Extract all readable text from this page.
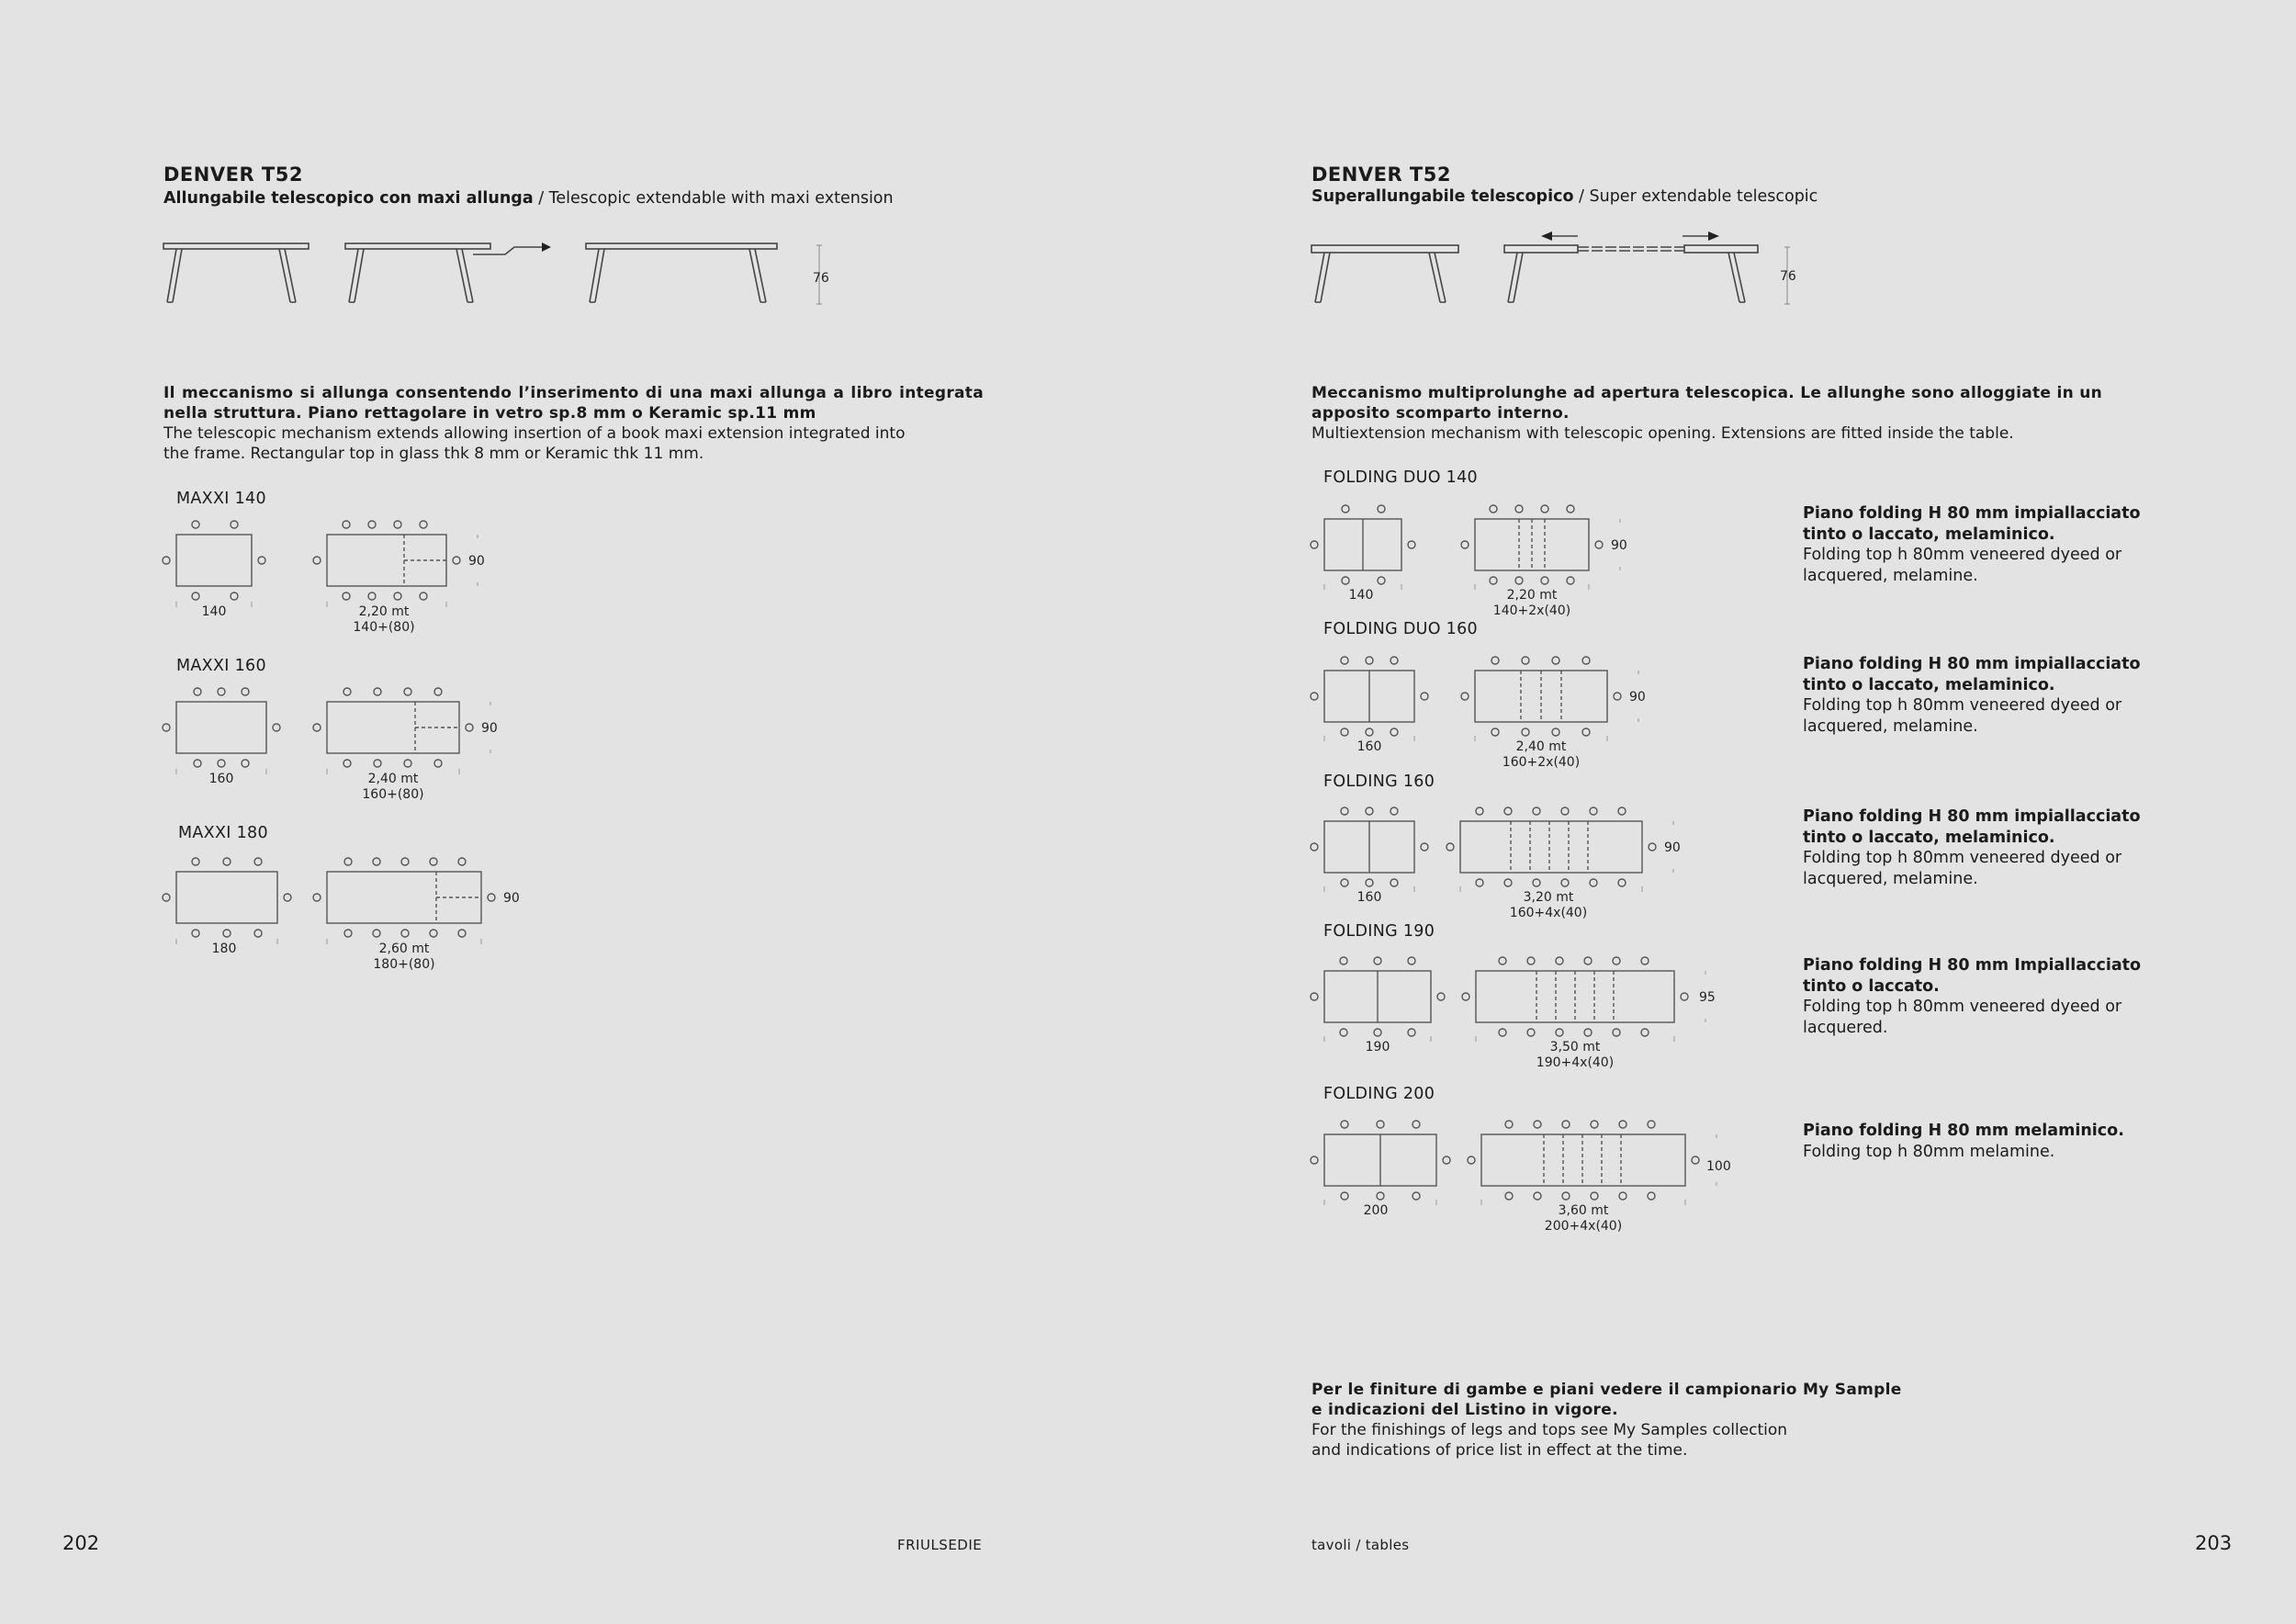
DENVER T52
Allungabile telescopico con maxi allunga / Telescopic extendable with maxi extension
76
Il meccanismo si allunga consentendo l’inserimento di una maxi allunga a libro integrata nella struttura. Piano rettagolare in vetro sp.8 mm o Keramic sp.11 mm
The telescopic mechanism extends allowing insertion of a book maxi extension integrated into
the frame. Rectangular top in glass thk 8 mm or Keramic thk 11 mm.
MAXXI 140
140	2,20 mt
140+(80)
90
MAXXI 160
160	2,40 mt
160+(80)
90
MAXXI 180
180	2,60 mt
180+(80)
90
202	FRIULSEDIE
DENVER T52
Superallungabile telescopico / Super extendable telescopic
76
Meccanismo multiprolunghe ad apertura telescopica. Le allunghe sono alloggiate in un apposito scomparto interno.
Multiextension mechanism with telescopic opening. Extensions are fitted inside the table.
FOLDING DUO 140
140	2,20 mt
140+2x(40)
90
Piano folding H 80 mm impiallacciato
tinto o laccato, melaminico.
Folding top h 80mm veneered dyeed or
lacquered, melamine.
FOLDING DUO 160
160	2,40 mt
160+2x(40)
90
Piano folding H 80 mm impiallacciato
tinto o laccato, melaminico.
Folding top h 80mm veneered dyeed or
lacquered, melamine.
FOLDING 160
160	3,20 mt
160+4x(40)
90
Piano folding H 80 mm impiallacciato
tinto o laccato, melaminico.
Folding top h 80mm veneered dyeed or
lacquered, melamine.
FOLDING 190
190	3,50 mt
190+4x(40)
95
Piano folding H 80 mm Impiallacciato
tinto o laccato.
Folding top h 80mm veneered dyeed or
lacquered.
FOLDING 200
200	3,60 mt
200+4x(40)
100
Piano folding H 80 mm melaminico.
Folding top h 80mm melamine.
Per le finiture di gambe e piani vedere il campionario My Sample
e indicazioni del Listino in vigore.
For the finishings of legs and tops see My Samples collection
and indications of price list in effect at the time.
tavoli / tables	203
